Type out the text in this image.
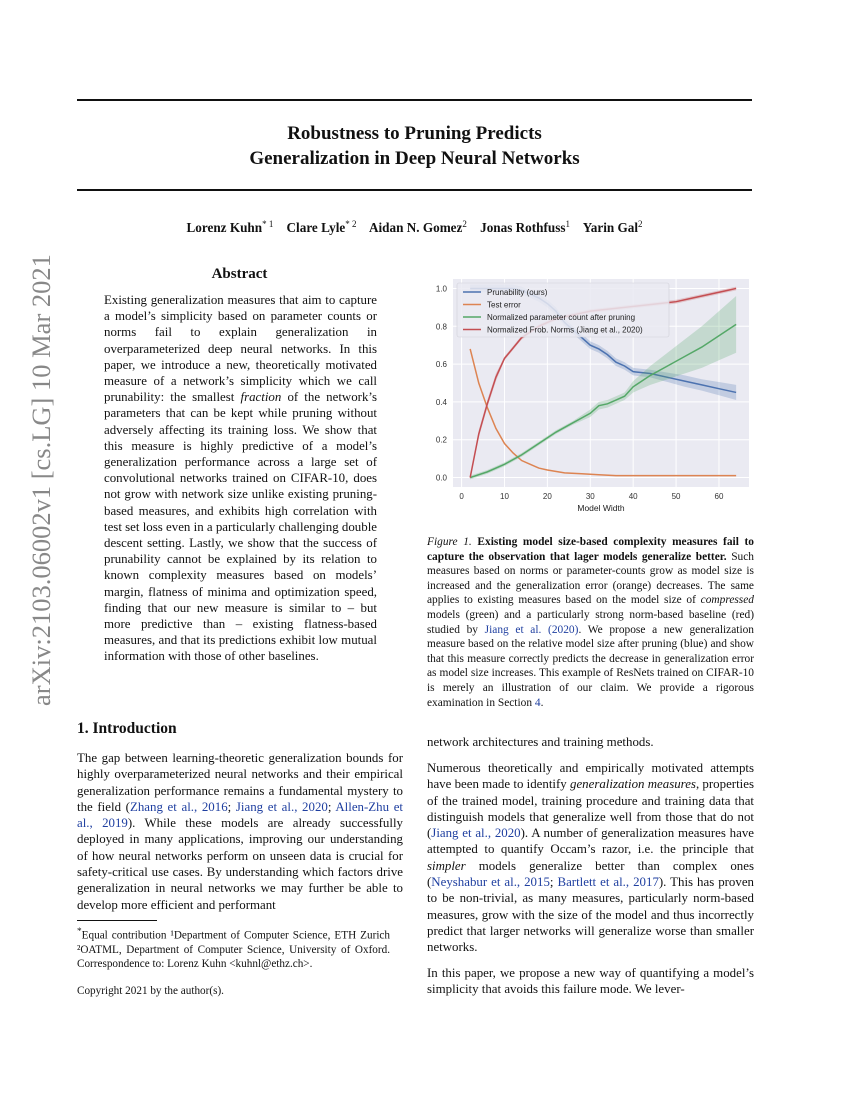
Robustness to Pruning Predicts
Generalization in Deep Neural Networks
Lorenz Kuhn$^{* 1}$ Clare Lyle$^{* 2}$ Aidan N. Gomez$^2$ Jonas Rothfuss$^1$ Yarin Gal$^2$
arXiv:2103.06002v1 [cs.LG] 10 Mar 2021	Abstract
Existing generalization measures that aim to capture a model’s simplicity based on parameter counts or norms fail to explain generalization in overparameterized deep neural networks. In this paper, we introduce a new, theoretically motivated measure of a network’s simplicity which we call prunability: the smallest fraction of the network’s parameters that can be kept while pruning without adversely affecting its training loss. We show that this measure is highly predictive of a model’s generalization performance across a large set of convolutional networks trained on CIFAR-10, does not grow with network size unlike existing pruning-based measures, and exhibits high correlation with test set loss even in a particularly challenging double descent setting. Lastly, we show that the success of prunability cannot be explained by its relation to known complexity measures based on models’ margin, flatness of minima and optimization speed, finding that our new measure is similar to – but more predictive than – existing flatness-based measures, and that its predictions exhibit low mutual information with those of other baselines.
1. Introduction
The gap between learning-theoretic generalization bounds for highly overparameterized neural networks and their empirical generalization performance remains a fundamental mystery to the field (Zhang et al., 2016; Jiang et al., 2020; Allen-Zhu et al., 2019). While these models are already successfully deployed in many applications, improving our understanding of how neural networks perform on unseen data is crucial for safety-critical use cases. By understanding which factors drive generalization in neural networks we may further be able to develop more efficient and performant
*Equal contribution ¹Department of Computer Science, ETH Zurich ²OATML, Department of Computer Science, University of Oxford. Correspondence to: Lorenz Kuhn <kuhnl@ethz.ch>.
Copyright 2021 by the author(s).
network architectures and training methods.
Numerous theoretically and empirically motivated attempts have been made to identify generalization measures, properties of the trained model, training procedure and training data that distinguish models that generalize well from those that do not (Jiang et al., 2020). A number of generalization measures have attempted to quantify Occam’s razor, i.e. the principle that simpler models generalize better than complex ones (Neyshabur et al., 2015; Bartlett et al., 2017). This has proven to be non-trivial, as many measures, particularly norm-based measures, grow with the size of the model and thus incorrectly predict that larger networks will generalize worse than smaller networks.
In this paper, we propose a new way of quantifying a model’s simplicity that avoids this failure mode. We lever-
0.0
0.2
0.4
0.6
0.8
1.0
0	10	20	30	40	50	60
Model Width
Prunability (ours)
Test error
Normalized parameter count after pruning
Normalized Frob. Norms (Jiang et al., 2020)
Figure 1. Existing model size-based complexity measures fail to capture the observation that lager models generalize better. Such measures based on norms or parameter-counts grow as model size is increased and the generalization error (orange) decreases. The same applies to existing measures based on the model size of compressed models (green) and a particularly strong norm-based baseline (red) studied by Jiang et al. (2020). We propose a new generalization measure based on the relative model size after pruning (blue) and show that this measure correctly predicts the decrease in generalization error as model size increases. This example of ResNets trained on CIFAR-10 is merely an illustration of our claim. We provide a rigorous examination in Section 4.
